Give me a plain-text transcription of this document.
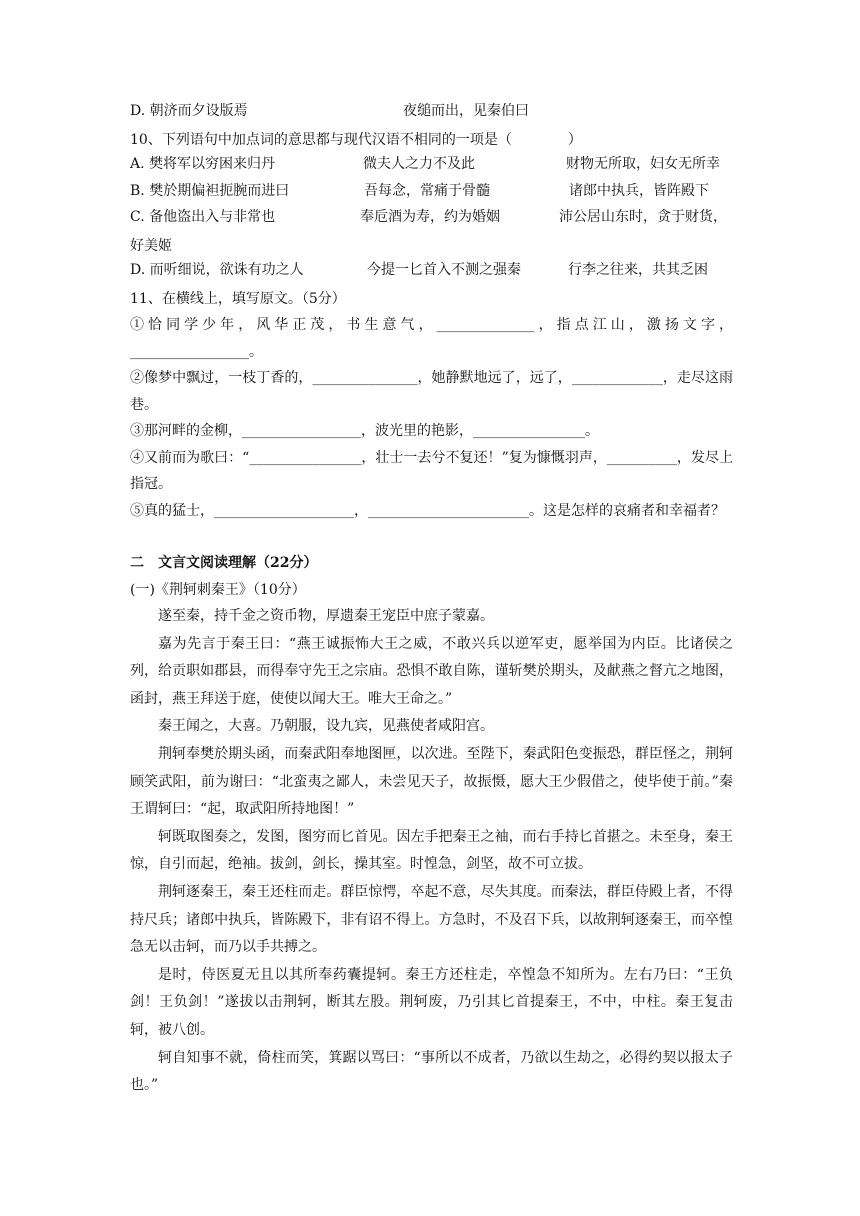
D. 朝济而夕设版焉	夜缒而出，见秦伯曰
10、下列语句中加点词的意思都与现代汉语不相同的一项是（　　　　）
A. 樊将军以穷困来归丹	微夫人之力不及此	财物无所取，妇女无所幸
B. 樊於期偏袒扼腕而进曰	吾每念，常痛于骨髓	诸郎中执兵，皆阵殿下
C. 备他盗出入与非常也	奉卮酒为寿，约为婚姻	沛公居山东时，贪于财货，
好美姬
D. 而听细说，欲诛有功之人	今提一匕首入不测之强秦	行李之往来，共其乏困
11、在横线上，填写原文。（5分）
①恰同学少年，风华正茂，书生意气，______________，指点江山，激扬文字，_________________。
②像梦中飘过，一枝丁香的，_______________，她静默地远了，远了，_____________，走尽这雨巷。
③那河畔的金柳，_________________，波光里的艳影，________________。
④又前而为歌曰：“________________，壮士一去兮不复还！”复为慷慨羽声，__________，发尽上指冠。
⑤真的猛士，____________________，_______________________。这是怎样的哀痛者和幸福者？
二　文言文阅读理解（22分）
(一)《荆轲刺秦王》（10分）

遂至秦，持千金之资币物，厚遗秦王宠臣中庶子蒙嘉。

嘉为先言于秦王曰：“燕王诚振怖大王之威，不敢兴兵以逆军吏，愿举国为内臣。比诸侯之列，给贡职如郡县，而得奉守先王之宗庙。恐惧不敢自陈，谨斩樊於期头，及献燕之督亢之地图，函封，燕王拜送于庭，使使以闻大王。唯大王命之。”

秦王闻之，大喜。乃朝服，设九宾，见燕使者咸阳宫。

荆轲奉樊於期头函，而秦武阳奉地图匣，以次进。至陛下，秦武阳色变振恐，群臣怪之，荆轲顾笑武阳，前为谢曰：“北蛮夷之鄙人，未尝见天子，故振慑，愿大王少假借之，使毕使于前。”秦王谓轲曰：“起，取武阳所持地图！”

轲既取图奏之，发图，图穷而匕首见。因左手把秦王之袖，而右手持匕首揕之。未至身，秦王惊，自引而起，绝袖。拔剑，剑长，操其室。时惶急，剑坚，故不可立拔。

荆轲逐秦王，秦王还柱而走。群臣惊愕，卒起不意，尽失其度。而秦法，群臣侍殿上者，不得持尺兵；诸郎中执兵，皆陈殿下，非有诏不得上。方急时，不及召下兵，以故荆轲逐秦王，而卒惶急无以击轲，而乃以手共搏之。

是时，侍医夏无且以其所奉药囊提轲。秦王方还柱走，卒惶急不知所为。左右乃曰：“王负剑！王负剑！”遂拔以击荆轲，断其左股。荆轲废，乃引其匕首提秦王，不中，中柱。秦王复击轲，被八创。

轲自知事不就，倚柱而笑，箕踞以骂曰：“事所以不成者，乃欲以生劫之，必得约契以报太子也。”
